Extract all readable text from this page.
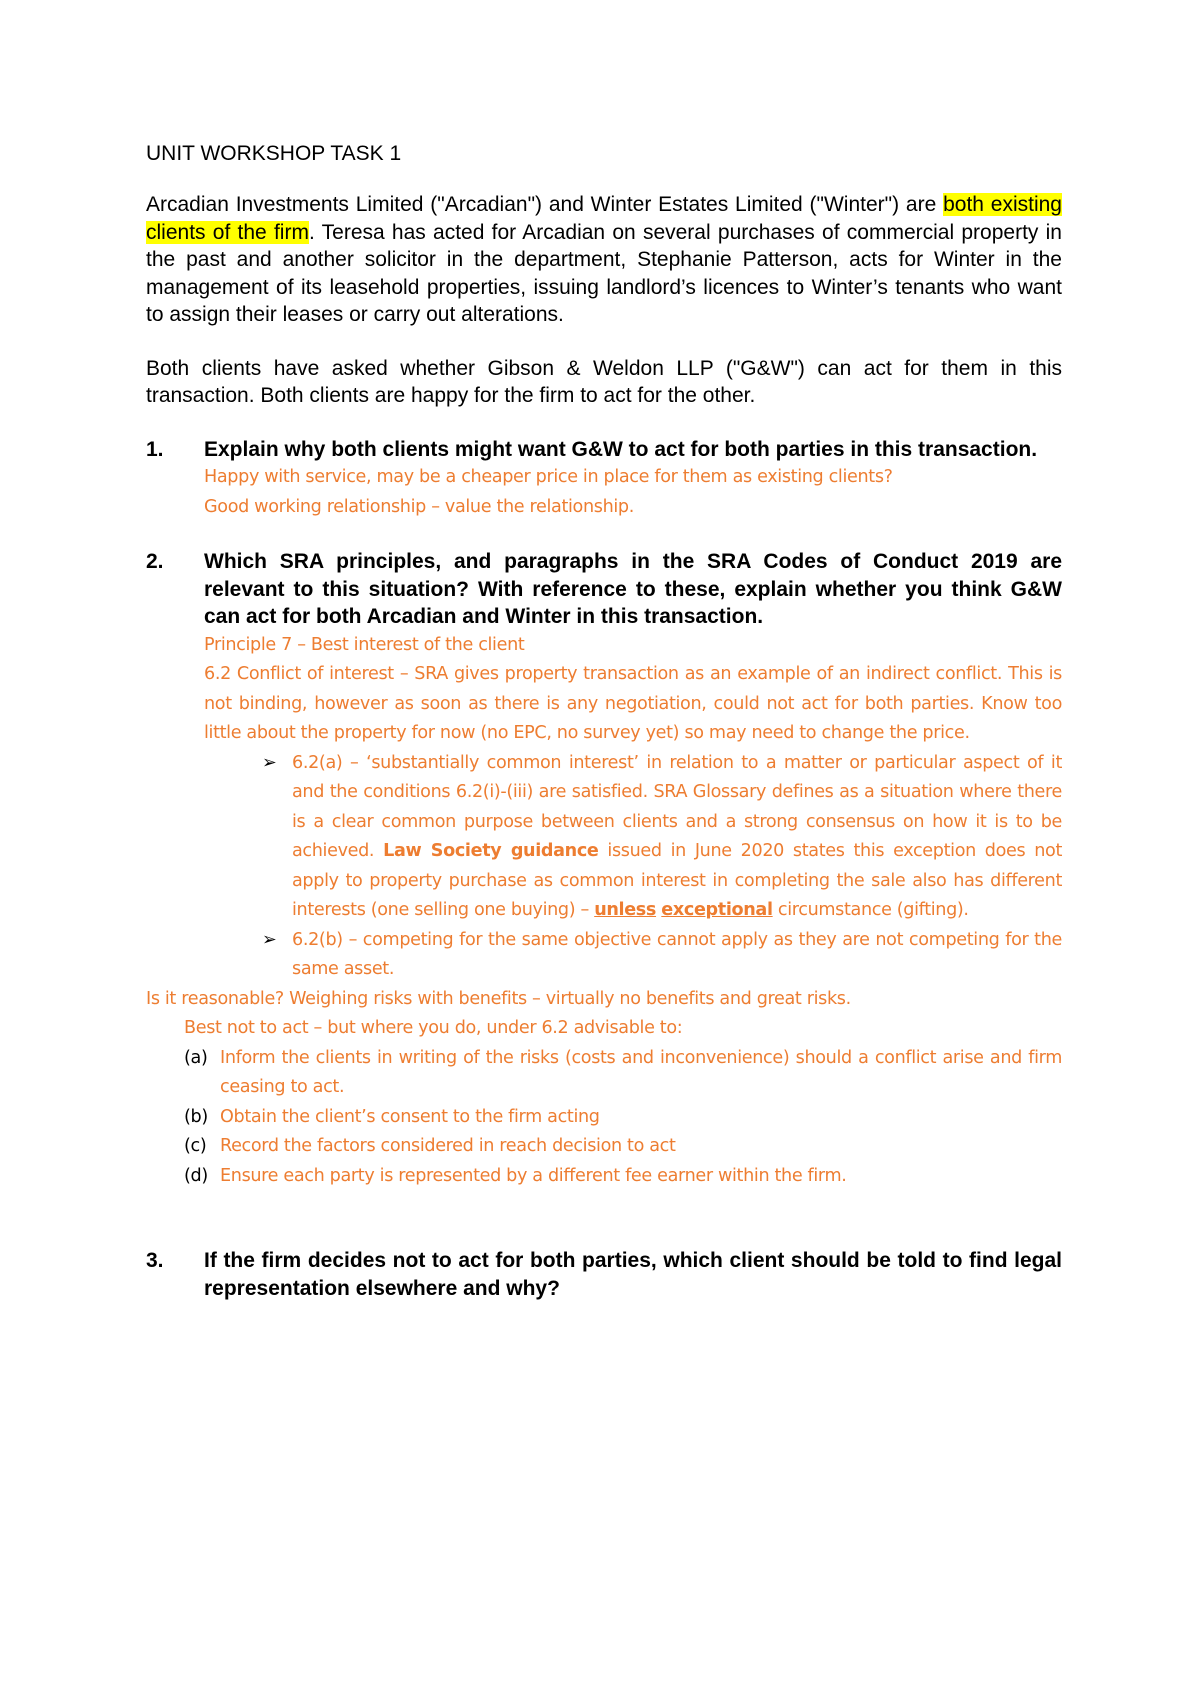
UNIT WORKSHOP TASK 1

Arcadian Investments Limited ("Arcadian") and Winter Estates Limited ("Winter") are both existing clients of the firm. Teresa has acted for Arcadian on several purchases of commercial property in the past and another solicitor in the department, Stephanie Patterson, acts for Winter in the management of its leasehold properties, issuing landlord’s licences to Winter’s tenants who want to assign their leases or carry out alterations.

Both clients have asked whether Gibson & Weldon LLP ("G&W") can act for them in this transaction. Both clients are happy for the firm to act for the other.

1.	Explain why both clients might want G&W to act for both parties in this transaction.

Happy with service, may be a cheaper price in place for them as existing clients?

Good working relationship – value the relationship.

2.	Which SRA principles, and paragraphs in the SRA Codes of Conduct 2019 are relevant to this situation? With reference to these, explain whether you think G&W can act for both Arcadian and Winter in this transaction.

Principle 7 – Best interest of the client

6.2 Conflict of interest – SRA gives property transaction as an example of an indirect conflict. This is not binding, however as soon as there is any negotiation, could not act for both parties. Know too little about the property for now (no EPC, no survey yet) so may need to change the price.

➢ 6.2(a) – ‘substantially common interest’ in relation to a matter or particular aspect of it and the conditions 6.2(i)-(iii) are satisfied. SRA Glossary defines as a situation where there is a clear common purpose between clients and a strong consensus on how it is to be achieved. Law Society guidance issued in June 2020 states this exception does not apply to property purchase as common interest in completing the sale also has different interests (one selling one buying) – unless exceptional circumstance (gifting).

➢ 6.2(b) – competing for the same objective cannot apply as they are not competing for the same asset.

Is it reasonable? Weighing risks with benefits – virtually no benefits and great risks.

Best not to act – but where you do, under 6.2 advisable to:

(a) Inform the clients in writing of the risks (costs and inconvenience) should a conflict arise and firm ceasing to act.
(b) Obtain the client’s consent to the firm acting
(c) Record the factors considered in reach decision to act
(d) Ensure each party is represented by a different fee earner within the firm.
3.	If the firm decides not to act for both parties, which client should be told to find legal representation elsewhere and why?
